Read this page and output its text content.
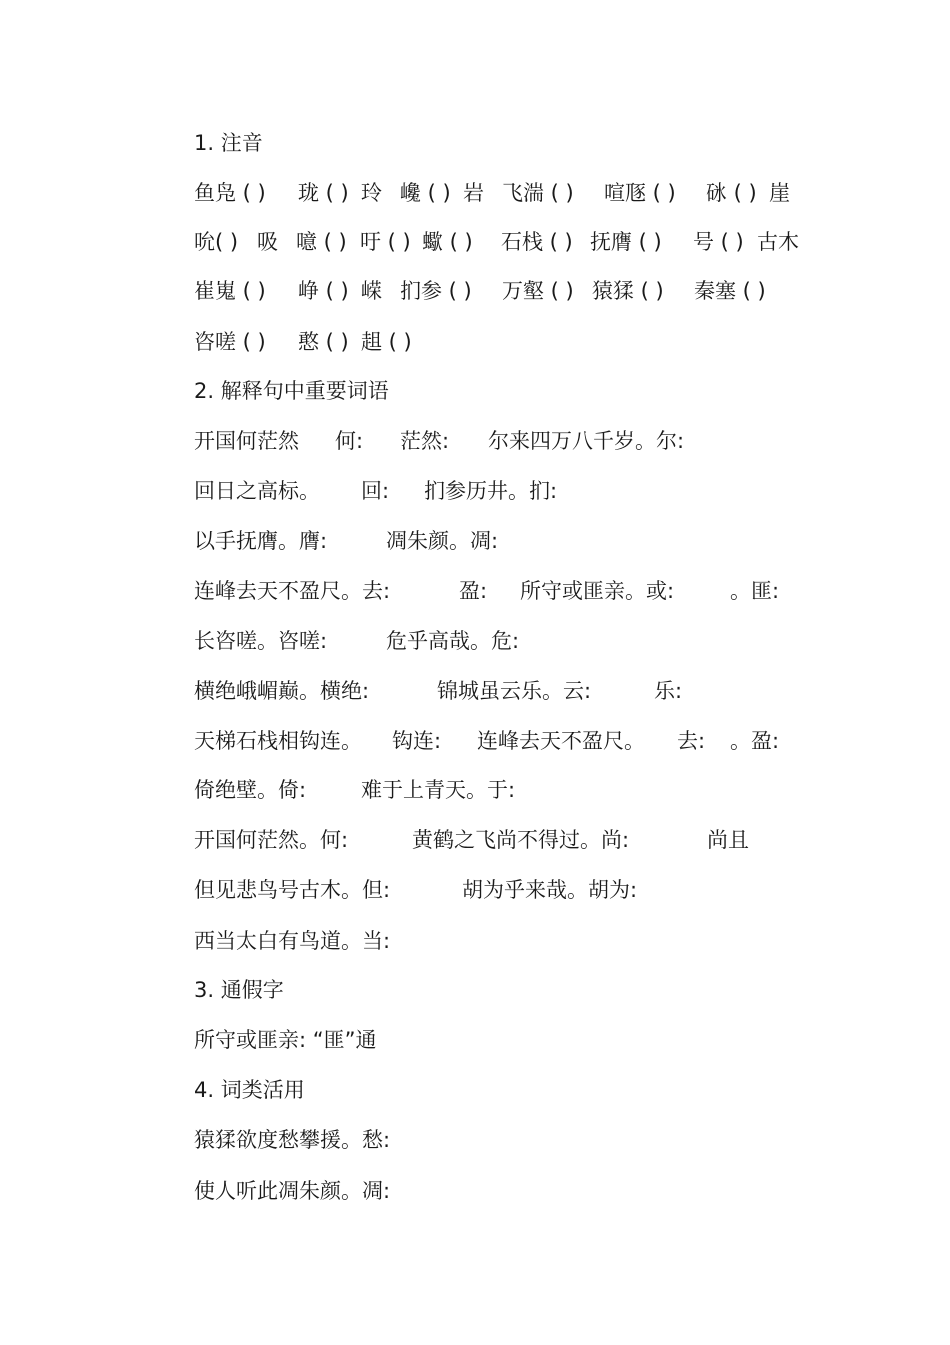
1. 注音
鱼凫 ( ) 珑 ( ) 玲 巉 ( ) 岩 飞湍 ( ) 喧豗 ( ) 砯 ( ) 崖
吮( ) 吸 噫 ( ) 吁 ( ) 蠍 ( ) 石栈 ( ) 抚膺 ( ) 号 ( ) 古木
崔嵬 ( ) 峥 ( ) 嵘 扪参 ( ) 万壑 ( ) 猿猱 ( ) 秦塞 ( )
咨嗟 ( ) 憨 ( ) 趄 ( )
2. 解释句中重要词语
开国何茫然 何: 茫然: 尔来四万八千岁。尔:
回日之高标。 回: 扪参历井。扪:
以手抚膺。膺:	凋朱颜。凋:
连峰去天不盈尺。去:	盈: 所守或匪亲。或:	。匪:
长咨嗟。咨嗟:	危乎高哉。危:
横绝峨嵋巅。横绝:	锦城虽云乐。云:	乐:
天梯石栈相钩连。 钩连: 连峰去天不盈尺。 去: 。盈:
倚绝壁。倚:	难于上青天。于:
开国何茫然。何:	黄鹤之飞尚不得过。尚:	尚且
但见悲鸟号古木。但:	胡为乎来哉。胡为:
西当太白有鸟道。当:
3. 通假字
所守或匪亲: “匪”通
4. 词类活用
猿猱欲度愁攀援。愁:
使人听此凋朱颜。凋:
